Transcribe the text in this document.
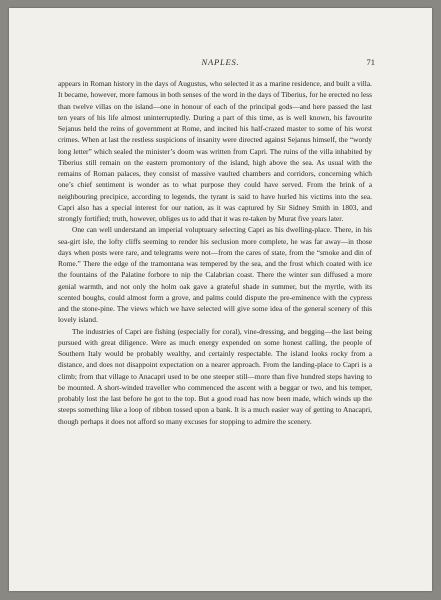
NAPLES.	71

appears in Roman history in the days of Augustus, who selected it as a marine residence, and built a villa. It became, however, more famous in both senses of the word in the days of Tiberius, for he erected no less than twelve villas on the island—one in honour of each of the principal gods—and here passed the last ten years of his life almost uninterruptedly. During a part of this time, as is well known, his favourite Sejanus held the reins of government at Rome, and incited his half-crazed master to some of his worst crimes. When at last the restless suspicions of insanity were directed against Sejanus himself, the “wordy long letter” which sealed the minister’s doom was written from Capri. The ruins of the villa inhabited by Tiberius still remain on the eastern promontory of the island, high above the sea. As usual with the remains of Roman palaces, they consist of massive vaulted chambers and corridors, concerning which one’s chief sentiment is wonder as to what purpose they could have served. From the brink of a neighbouring precipice, according to legends, the tyrant is said to have hurled his victims into the sea. Capri also has a special interest for our nation, as it was captured by Sir Sidney Smith in 1803, and strongly fortified; truth, however, obliges us to add that it was re-taken by Murat five years later.

One can well understand an imperial voluptuary selecting Capri as his dwelling-place. There, in his sea-girt isle, the lofty cliffs seeming to render his seclusion more complete, he was far away—in those days when posts were rare, and telegrams were not—from the cares of state, from the “smoke and din of Rome.” There the edge of the tramontana was tempered by the sea, and the frost which coated with ice the fountains of the Palatine forbore to nip the Calabrian coast. There the winter sun diffused a more genial warmth, and not only the holm oak gave a grateful shade in summer, but the myrtle, with its scented boughs, could almost form a grove, and palms could dispute the pre-eminence with the cypress and the stone-pine. The views which we have selected will give some idea of the general scenery of this lovely island.

The industries of Capri are fishing (especially for coral), vine-dressing, and begging—the last being pursued with great diligence. Were as much energy expended on some honest calling, the people of Southern Italy would be probably wealthy, and certainly respectable. The island looks rocky from a distance, and does not disappoint expectation on a nearer approach. From the landing-place to Capri is a climb; from that village to Anacapri used to be one steeper still—more than five hundred steps having to be mounted. A short-winded traveller who commenced the ascent with a beggar or two, and his temper, probably lost the last before he got to the top. But a good road has now been made, which winds up the steeps something like a loop of ribbon tossed upon a bank. It is a much easier way of getting to Anacapri, though perhaps it does not afford so many excuses for stopping to admire the scenery.
